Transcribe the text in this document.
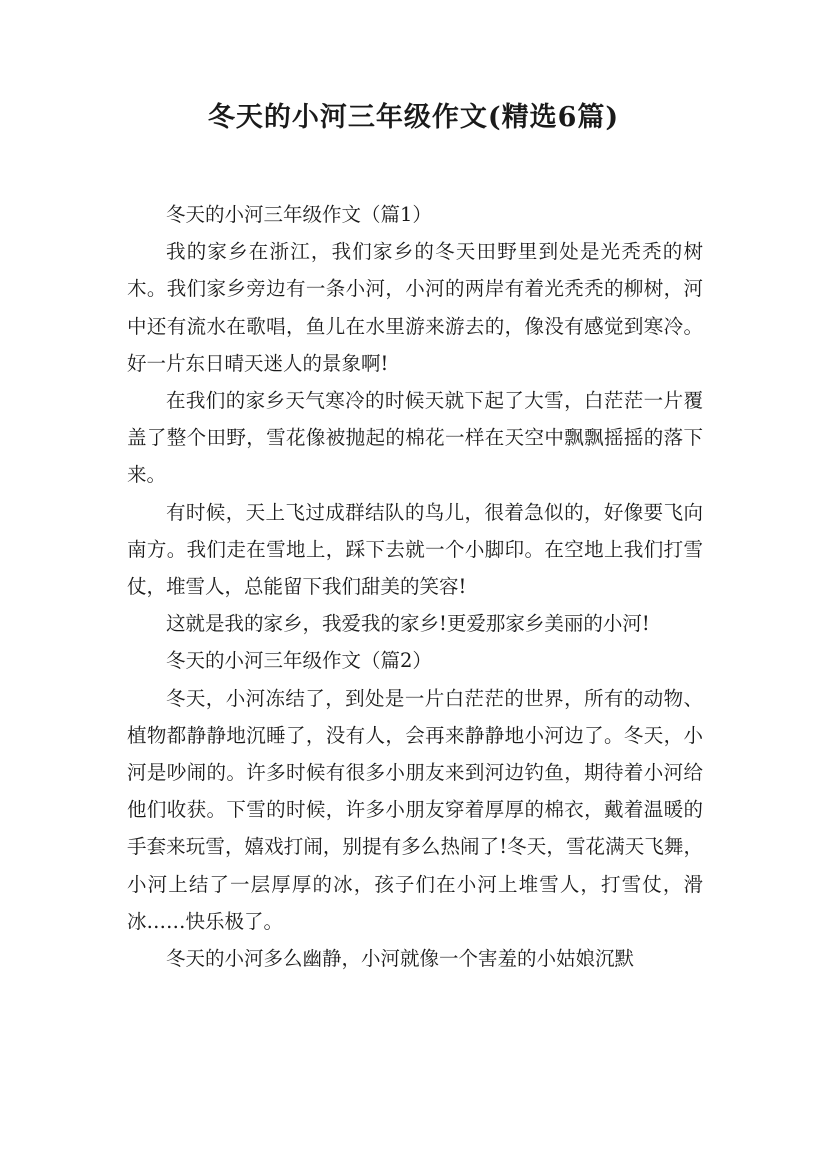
冬天的小河三年级作文(精选6篇)

冬天的小河三年级作文（篇1）

我的家乡在浙江，我们家乡的冬天田野里到处是光秃秃的树木。我们家乡旁边有一条小河，小河的两岸有着光秃秃的柳树，河中还有流水在歌唱，鱼儿在水里游来游去的，像没有感觉到寒冷。好一片东日晴天迷人的景象啊!

在我们的家乡天气寒冷的时候天就下起了大雪，白茫茫一片覆盖了整个田野，雪花像被抛起的棉花一样在天空中飘飘摇摇的落下来。

有时候，天上飞过成群结队的鸟儿，很着急似的，好像要飞向南方。我们走在雪地上，踩下去就一个小脚印。在空地上我们打雪仗，堆雪人，总能留下我们甜美的笑容!

这就是我的家乡，我爱我的家乡!更爱那家乡美丽的小河!

冬天的小河三年级作文（篇2）

冬天，小河冻结了，到处是一片白茫茫的世界，所有的动物、植物都静静地沉睡了，没有人，会再来静静地小河边了。冬天，小河是吵闹的。许多时候有很多小朋友来到河边钓鱼，期待着小河给他们收获。下雪的时候，许多小朋友穿着厚厚的棉衣，戴着温暖的手套来玩雪，嬉戏打闹，别提有多么热闹了!冬天，雪花满天飞舞，小河上结了一层厚厚的冰，孩子们在小河上堆雪人，打雪仗，滑冰……快乐极了。

冬天的小河多么幽静，小河就像一个害羞的小姑娘沉默
